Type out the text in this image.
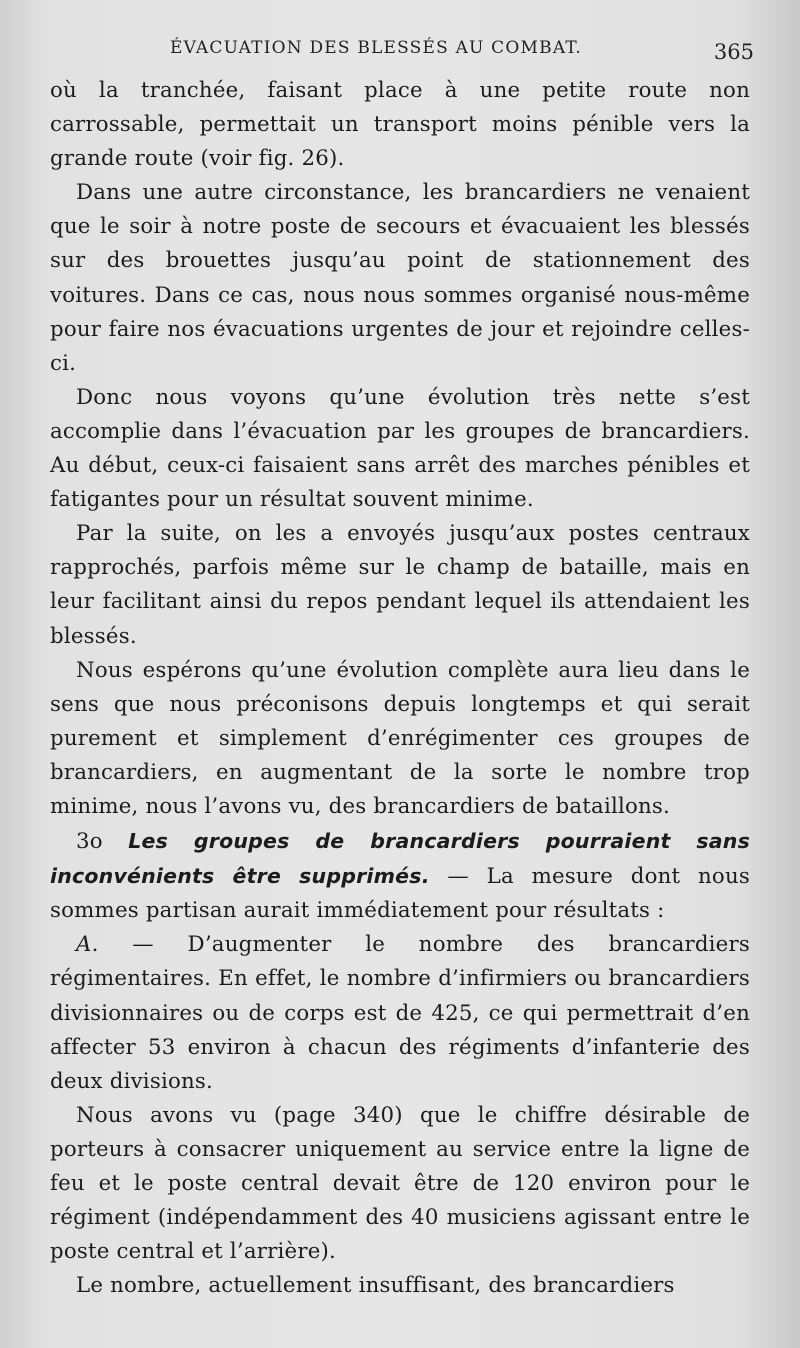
ÉVACUATION DES BLESSÉS AU COMBAT.	365

où la tranchée, faisant place à une petite route non carrossable, permettait un transport moins pénible vers la grande route (voir fig. 26).

Dans une autre circonstance, les brancardiers ne venaient que le soir à notre poste de secours et évacuaient les blessés sur des brouettes jusqu’au point de stationnement des voitures. Dans ce cas, nous nous sommes organisé nous-même pour faire nos évacuations urgentes de jour et rejoindre celles-ci.

Donc nous voyons qu’une évolution très nette s’est accomplie dans l’évacuation par les groupes de brancardiers. Au début, ceux-ci faisaient sans arrêt des marches pénibles et fatigantes pour un résultat souvent minime.

Par la suite, on les a envoyés jusqu’aux postes centraux rapprochés, parfois même sur le champ de bataille, mais en leur facilitant ainsi du repos pendant lequel ils attendaient les blessés.

Nous espérons qu’une évolution complète aura lieu dans le sens que nous préconisons depuis longtemps et qui serait purement et simplement d’enrégimenter ces groupes de brancardiers, en augmentant de la sorte le nombre trop minime, nous l’avons vu, des brancardiers de bataillons.

3o Les groupes de brancardiers pourraient sans inconvénients être supprimés. — La mesure dont nous sommes partisan aurait immédiatement pour résultats :

A. — D’augmenter le nombre des brancardiers régimentaires. En effet, le nombre d’infirmiers ou brancardiers divisionnaires ou de corps est de 425, ce qui permettrait d’en affecter 53 environ à chacun des régiments d’infanterie des deux divisions.

Nous avons vu (page 340) que le chiffre désirable de porteurs à consacrer uniquement au service entre la ligne de feu et le poste central devait être de 120 environ pour le régiment (indépendamment des 40 musiciens agissant entre le poste central et l’arrière).

Le nombre, actuellement insuffisant, des brancardiers
